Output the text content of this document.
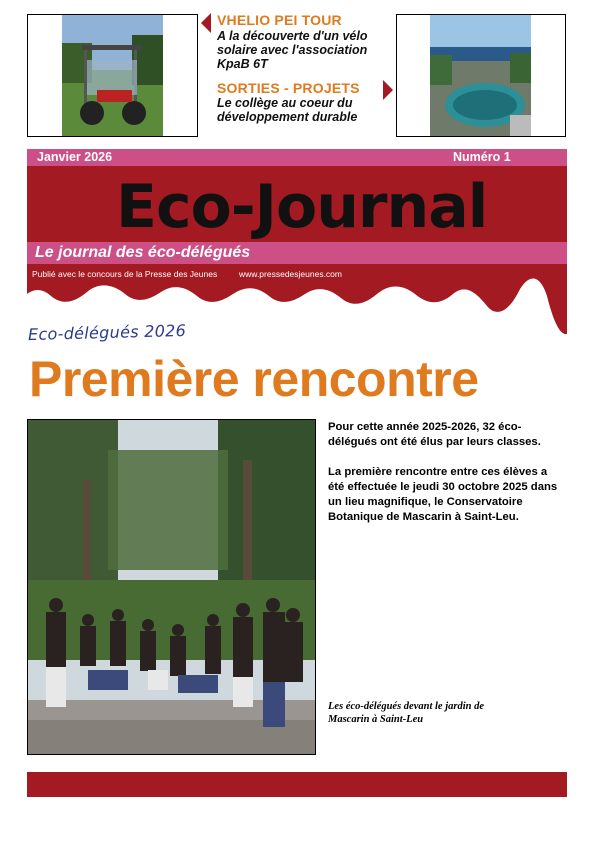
VHELIO PEI TOUR
A la découverte d'un vélo solaire avec l'association KpaB 6T
SORTIES - PROJETS
Le collège au coeur du développement durable
Janvier 2026	Numéro 1
Eco-Journal
Le journal des éco-délégués
Publié avec le concours de la Presse des Jeunes	www.pressedesjeunes.com
Eco-délégués 2026
Première rencontre
Pour cette année 2025-2026, 32 éco-délégués ont été élus par leurs classes.
La première rencontre entre ces élèves a été effectuée le jeudi 30 octobre 2025 dans un lieu magnifique, le Conservatoire Botanique de Mascarin à Saint-Leu.
Les éco-délégués devant le jardin de Mascarin à Saint-Leu
